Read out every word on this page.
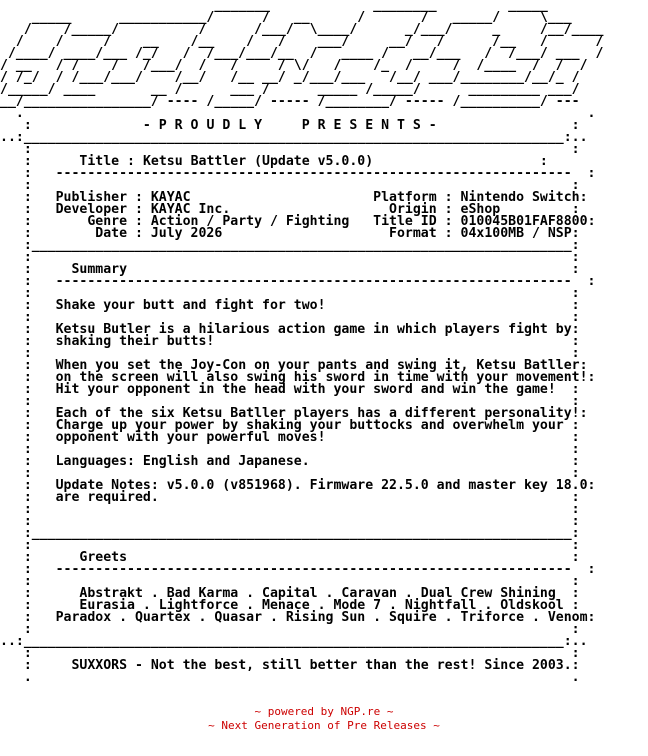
_______             ________         _____
_____      ___________/      /   __      /       /   _____/     \___
/    /_____/          /      /___/  \____/      _/___/     _     /__/____
/    /     /    __    /__    /   /    ___/     __/   /      /__   /      /
/____/ ____/___ /_/   /  /___/___/__  /   ____ /   __/___   /  /___/ ___  /
/ __   / /    /   /___/  /   /     / \/   /    /_  /     /  /____  /  /  /
/ /_/  / /___/___/    /__/   /__ __/ _/___/___   /__/ ___/________/__/_ /
/_____/ ____       __ /      ___ /      _____ /_____/      _________ ___/
__/________________/ ---- /_____/ ----- /________/ ----- /__________/ ---
.	.
:              - P R O U D L Y     P R E S E N T S -	:
..:____________________________________________________________________:..
:                                                                    :
:      Title : Ketsu Battler (Update v5.0.0)	:
:   -----------------------------------------------------------------  :
:                                                                    :
:   Publisher : KAYAC                       Platform : Nintendo Switch:
:   Developer : KAYAC Inc.                    Origin : eShop	:
:       Genre : Action / Party / Fighting   Title ID : 010045B01FAF8800:
:        Date : July 2026                     Format : 04x100MB / NSP:
:____________________________________________________________________:
:                                                                    :
:     Summary	:
:   -----------------------------------------------------------------  :
:                                                                    :
:   Shake your butt and fight for two!	:
:                                                                    :
:   Ketsu Butler is a hilarious action game in which players fight by:
:   shaking their butts!	:
:                                                                    :
:   When you set the Joy-Con on your pants and swing it, Ketsu Batller:
:   on the screen will also swing his sword in time with your movement!:
:   Hit your opponent in the head with your sword and win the game! :
:                                                                    :
:   Each of the six Ketsu Batller players has a different personality!:
:   Charge up your power by shaking your buttocks and overwhelm your :
:   opponent with your powerful moves!	:
:                                                                    :
:   Languages: English and Japanese.	:
:                                                                    :
:   Update Notes: v5.0.0 (v851968). Firmware 22.5.0 and master key 18.0:
:   are required.	:
:                                                                    :
:                                                                    :
:____________________________________________________________________:
:                                                                    :
:      Greets	:
:   -----------------------------------------------------------------  :
:                                                                    :
:      Abstrakt . Bad Karma . Capital . Caravan . Dual Crew Shining :
:      Eurasia . Lightforce . Menace . Mode 7 . Nightfall . Oldskool :
:   Paradox . Quartex . Quasar . Rising Sun . Squire . Triforce . Venom:
:                                                                    :
..:____________________________________________________________________:..
:                                                                    :
:     SUXXORS - Not the best, still better than the rest! Since 2003.:
.	.

~ powered by NGP.re ~
~ Next Generation of Pre Releases ~
